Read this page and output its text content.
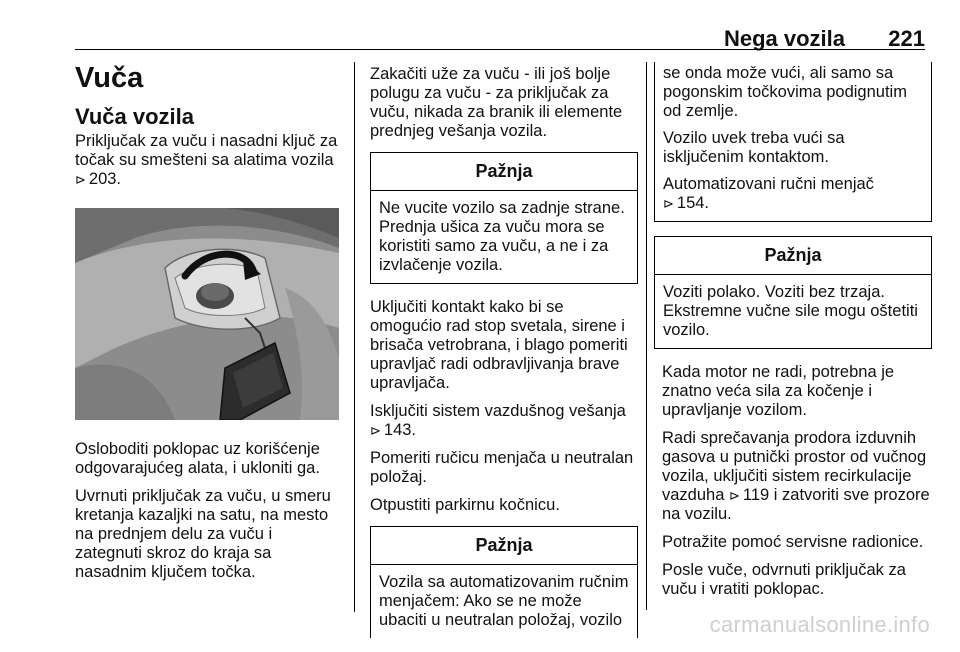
Nega vozila 221
Vuča
Vuča vozila

Priključak za vuču i nasadni ključ za točak su smešteni sa alatima vozila
⊳ 203.

Osloboditi poklopac uz korišćenje odgovarajućeg alata, i ukloniti ga.

Uvrnuti priključak za vuču, u smeru kretanja kazaljki na satu, na mesto na prednjem delu za vuču i zategnuti skroz do kraja sa nasadnim ključem točka.

Zakačiti uže za vuču - ili još bolje polugu za vuču - za priključak za vuču, nikada za branik ili elemente prednjeg vešanja vozila.

Pažnja

Ne vucite vozilo sa zadnje strane. Prednja ušica za vuču mora se koristiti samo za vuču, a ne i za izvlačenje vozila.

Uključiti kontakt kako bi se omogućio rad stop svetala, sirene i brisača vetrobrana, i blago pomeriti upravljač radi odbravljivanja brave upravljača.

Isključiti sistem vazdušnog vešanja
⊳ 143.

Pomeriti ručicu menjača u neutralan položaj.

Otpustiti parkirnu kočnicu.

Pažnja

Vozila sa automatizovanim ručnim menjačem: Ako se ne može ubaciti u neutralan položaj, vozilo

se onda može vući, ali samo sa pogonskim točkovima podignutim od zemlje.

Vozilo uvek treba vući sa isključenim kontaktom.

Automatizovani ručni menjač
⊳ 154.

Pažnja

Voziti polako. Voziti bez trzaja. Ekstremne vučne sile mogu oštetiti vozilo.

Kada motor ne radi, potrebna je znatno veća sila za kočenje i upravljanje vozilom.

Radi sprečavanja prodora izduvnih gasova u putnički prostor od vučnog vozila, uključiti sistem recirkulacije vazduha ⊳ 119 i zatvoriti sve prozore na vozilu.

Potražite pomoć servisne radionice.

Posle vuče, odvrnuti priključak za vuču i vratiti poklopac.

carmanualsonline.info
